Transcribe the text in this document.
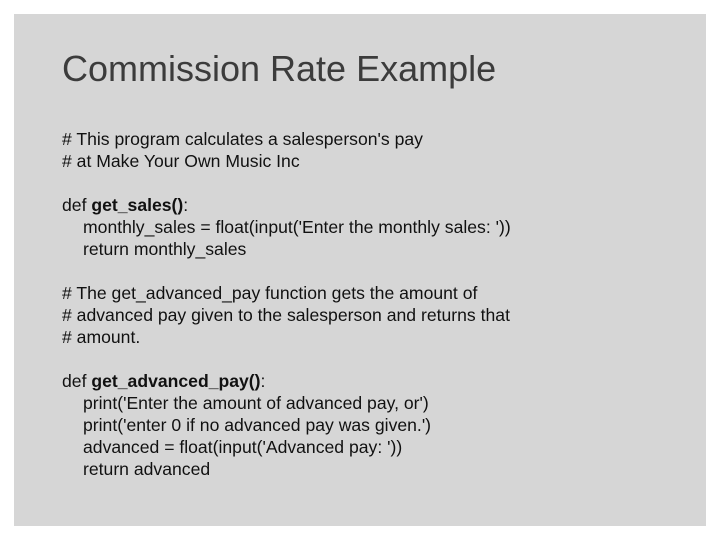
Commission Rate Example
# This program calculates a salesperson's pay
# at Make Your Own Music Inc
def get_sales():
monthly_sales = float(input('Enter the monthly sales: '))
return monthly_sales
# The get_advanced_pay function gets the amount of
# advanced pay given to the salesperson and returns that
# amount.
def get_advanced_pay():
print('Enter the amount of advanced pay, or')
print('enter 0 if no advanced pay was given.')
advanced = float(input('Advanced pay: '))
return advanced
